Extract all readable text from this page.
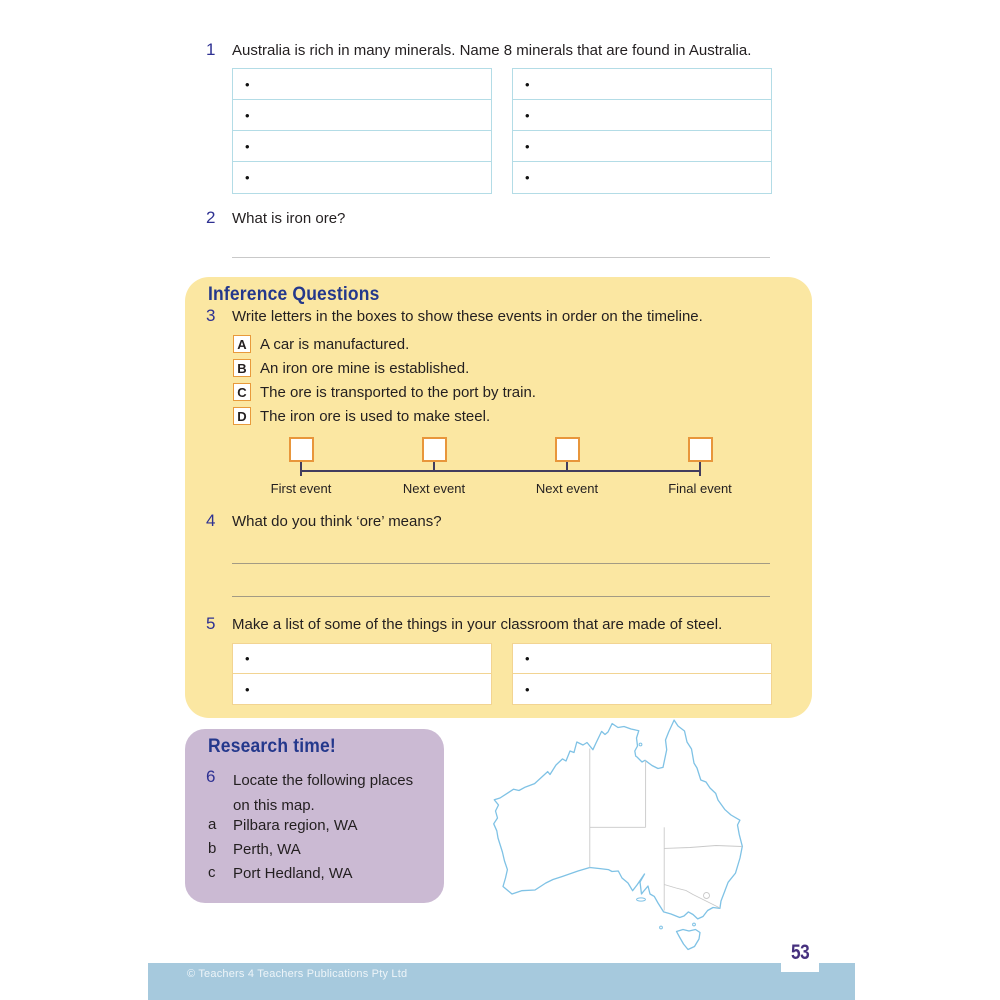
1	Australia is rich in many minerals. Name 8 minerals that are found in Australia.
•
•
•
•
•
•
•
•
2	What is iron ore?
Inference Questions
3	Write letters in the boxes to show these events in order on the timeline.
A A car is manufactured.
B An iron ore mine is established.
C The ore is transported to the port by train.
D The iron ore is used to make steel.
First event	Next event	Next event	Final event
4	What do you think ‘ore’ means?
5	Make a list of some of the things in your classroom that are made of steel.
•
•
•
•
Research time!
6	Locate the following places on this map.
a Pilbara region, WA
b Perth, WA
c Port Hedland, WA
© Teachers 4 Teachers Publications Pty Ltd
53
